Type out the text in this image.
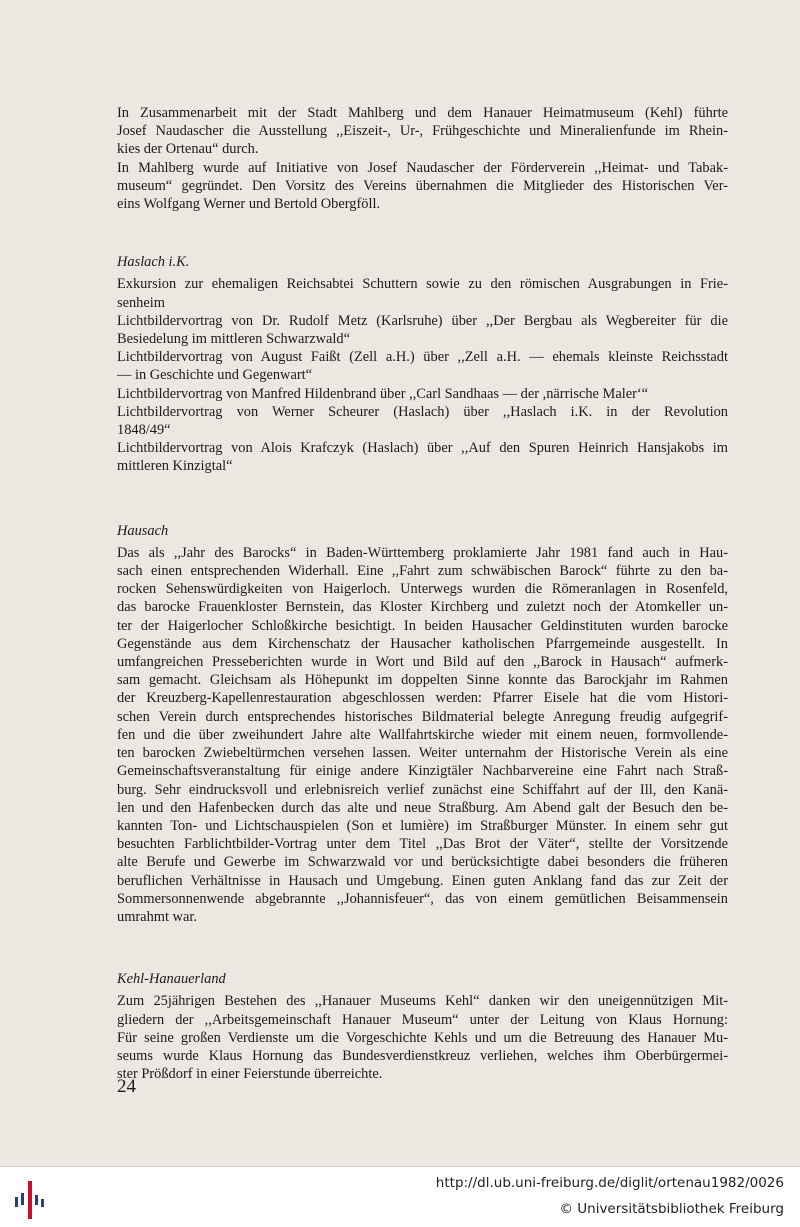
In Zusammenarbeit mit der Stadt Mahlberg und dem Hanauer Heimatmuseum (Kehl) führte
Josef Naudascher die Ausstellung ,,Eiszeit-, Ur-, Frühgeschichte und Mineralienfunde im Rhein-
kies der Ortenau“ durch.

In Mahlberg wurde auf Initiative von Josef Naudascher der Förderverein ,,Heimat- und Tabak-
museum“ gegründet. Den Vorsitz des Vereins übernahmen die Mitglieder des Historischen Ver-
eins Wolfgang Werner und Bertold Obergföll.

Haslach i.K.

Exkursion zur ehemaligen Reichsabtei Schuttern sowie zu den römischen Ausgrabungen in Frie-
senheim

Lichtbildervortrag von Dr. Rudolf Metz (Karlsruhe) über ,,Der Bergbau als Wegbereiter für die
Besiedelung im mittleren Schwarzwald“

Lichtbildervortrag von August Faißt (Zell a.H.) über ,,Zell a.H. — ehemals kleinste Reichsstadt
— in Geschichte und Gegenwart“

Lichtbildervortrag von Manfred Hildenbrand über ,,Carl Sandhaas — der ,närrische Maler‘“

Lichtbildervortrag von Werner Scheurer (Haslach) über ,,Haslach i.K. in der Revolution
1848/49“

Lichtbildervortrag von Alois Krafczyk (Haslach) über ,,Auf den Spuren Heinrich Hansjakobs im
mittleren Kinzigtal“

Hausach

Das als ,,Jahr des Barocks“ in Baden-Württemberg proklamierte Jahr 1981 fand auch in Hau-
sach einen entsprechenden Widerhall. Eine ,,Fahrt zum schwäbischen Barock“ führte zu den ba-
rocken Sehenswürdigkeiten von Haigerloch. Unterwegs wurden die Römeranlagen in Rosenfeld,
das barocke Frauenkloster Bernstein, das Kloster Kirchberg und zuletzt noch der Atomkeller un-
ter der Haigerlocher Schloßkirche besichtigt. In beiden Hausacher Geldinstituten wurden barocke
Gegenstände aus dem Kirchenschatz der Hausacher katholischen Pfarrgemeinde ausgestellt. In
umfangreichen Presseberichten wurde in Wort und Bild auf den ,,Barock in Hausach“ aufmerk-
sam gemacht. Gleichsam als Höhepunkt im doppelten Sinne konnte das Barockjahr im Rahmen
der Kreuzberg-Kapellenrestauration abgeschlossen werden: Pfarrer Eisele hat die vom Histori-
schen Verein durch entsprechendes historisches Bildmaterial belegte Anregung freudig aufgegrif-
fen und die über zweihundert Jahre alte Wallfahrtskirche wieder mit einem neuen, formvollende-
ten barocken Zwiebeltürmchen versehen lassen. Weiter unternahm der Historische Verein als eine
Gemeinschaftsveranstaltung für einige andere Kinzigtäler Nachbarvereine eine Fahrt nach Straß-
burg. Sehr eindrucksvoll und erlebnisreich verlief zunächst eine Schiffahrt auf der Ill, den Kanä-
len und den Hafenbecken durch das alte und neue Straßburg. Am Abend galt der Besuch den be-
kannten Ton- und Lichtschauspielen (Son et lumière) im Straßburger Münster. In einem sehr gut
besuchten Farblichtbilder-Vortrag unter dem Titel ,,Das Brot der Väter“, stellte der Vorsitzende
alte Berufe und Gewerbe im Schwarzwald vor und berücksichtigte dabei besonders die früheren
beruflichen Verhältnisse in Hausach und Umgebung. Einen guten Anklang fand das zur Zeit der
Sommersonnenwende abgebrannte ,,Johannisfeuer“, das von einem gemütlichen Beisammensein
umrahmt war.

Kehl-Hanauerland

Zum 25jährigen Bestehen des ,,Hanauer Museums Kehl“ danken wir den uneigennützigen Mit-
gliedern der ,,Arbeitsgemeinschaft Hanauer Museum“ unter der Leitung von Klaus Hornung:
Für seine großen Verdienste um die Vorgeschichte Kehls und um die Betreuung des Hanauer Mu-
seums wurde Klaus Hornung das Bundesverdienstkreuz verliehen, welches ihm Oberbürgermei-
ster Prößdorf in einer Feierstunde überreichte.

24
http://dl.ub.uni-freiburg.de/diglit/ortenau1982/0026
© Universitätsbibliothek Freiburg
